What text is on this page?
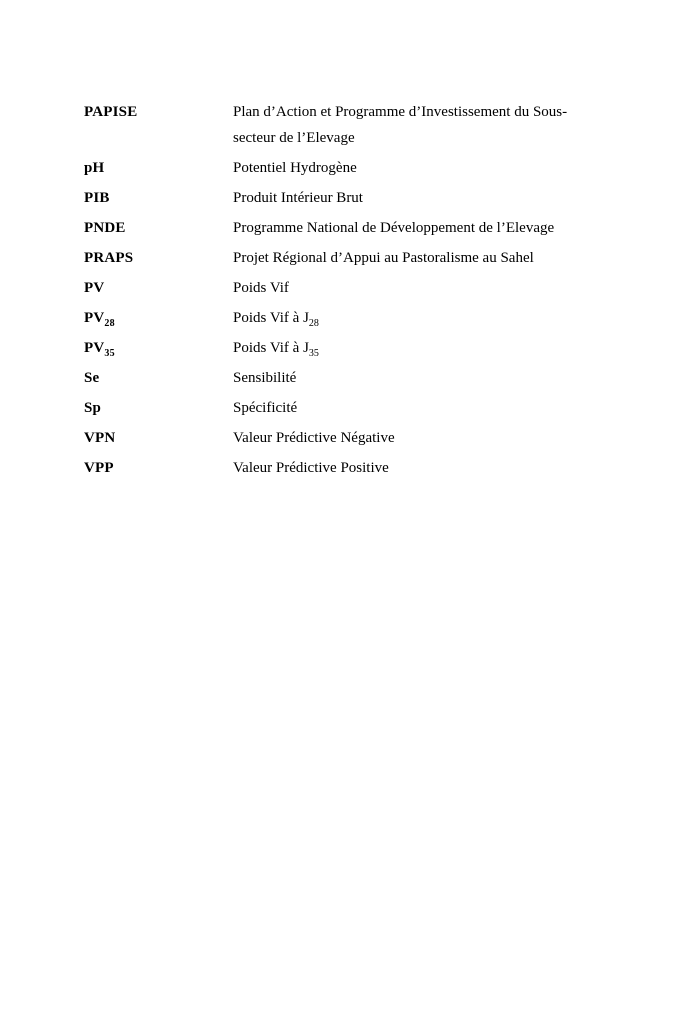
PAPISE	Plan d’Action et Programme d’Investissement du Sous-secteur de l’Elevage
pH	Potentiel Hydrogène
PIB	Produit Intérieur Brut
PNDE	Programme National de Développement de l’Elevage
PRAPS	Projet Régional d’Appui au Pastoralisme au Sahel
PV	Poids Vif
$PV_{28}$	Poids Vif à $J_{28}$
$PV_{35}$	Poids Vif à $J_{35}$
Se	Sensibilité
Sp	Spécificité
VPN	Valeur Prédictive Négative
VPP	Valeur Prédictive Positive
